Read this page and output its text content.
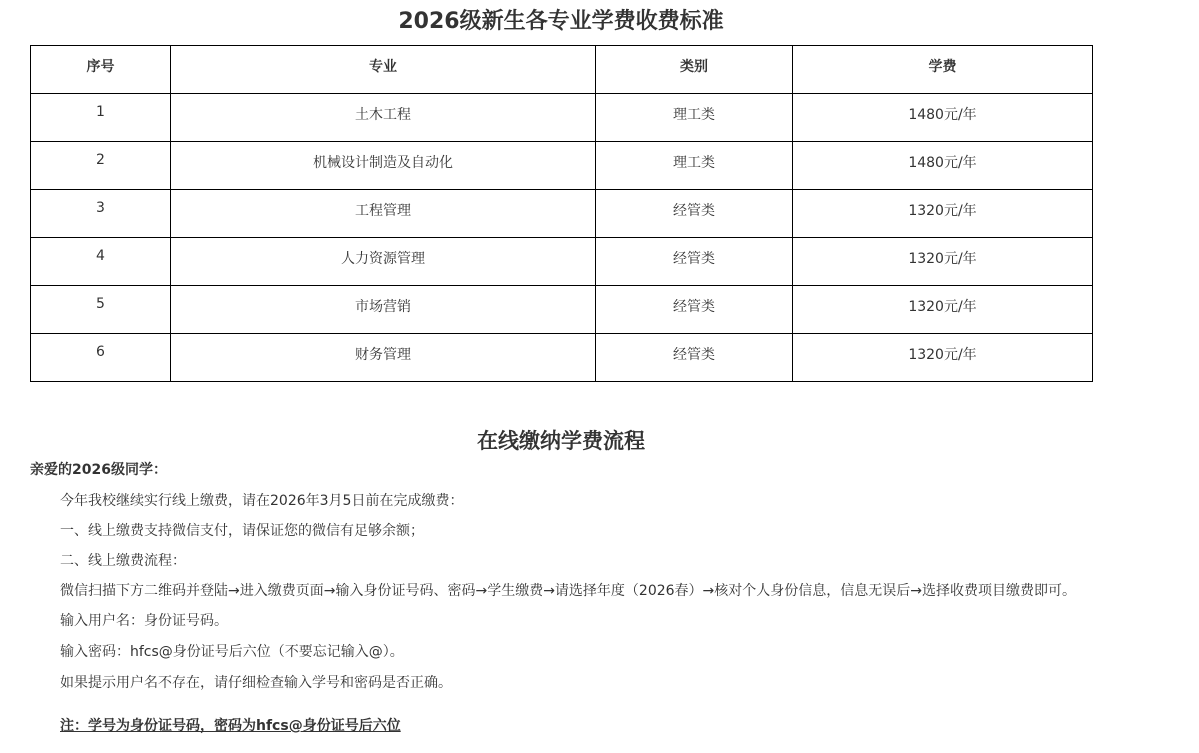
2026级新生各专业学费收费标准
序号	专业	类别	学费
1	土木工程	理工类	1480元/年
2	机械设计制造及自动化	理工类	1480元/年
3	工程管理	经管类	1320元/年
4	人力资源管理	经管类	1320元/年
5	市场营销	经管类	1320元/年
6	财务管理	经管类	1320元/年
在线缴纳学费流程
亲爱的2026级同学：
今年我校继续实行线上缴费，请在2026年3月5日前在完成缴费：
一、线上缴费支持微信支付，请保证您的微信有足够余额；
二、线上缴费流程：
微信扫描下方二维码并登陆→进入缴费页面→输入身份证号码、密码→学生缴费→请选择年度（2026春）→核对个人身份信息，信息无误后→选择收费项目缴费即可。
输入用户名：身份证号码。
输入密码：hfcs@身份证号后六位（不要忘记输入@）。
如果提示用户名不存在，请仔细检查输入学号和密码是否正确。
注：学号为身份证号码，密码为hfcs@身份证号后六位
